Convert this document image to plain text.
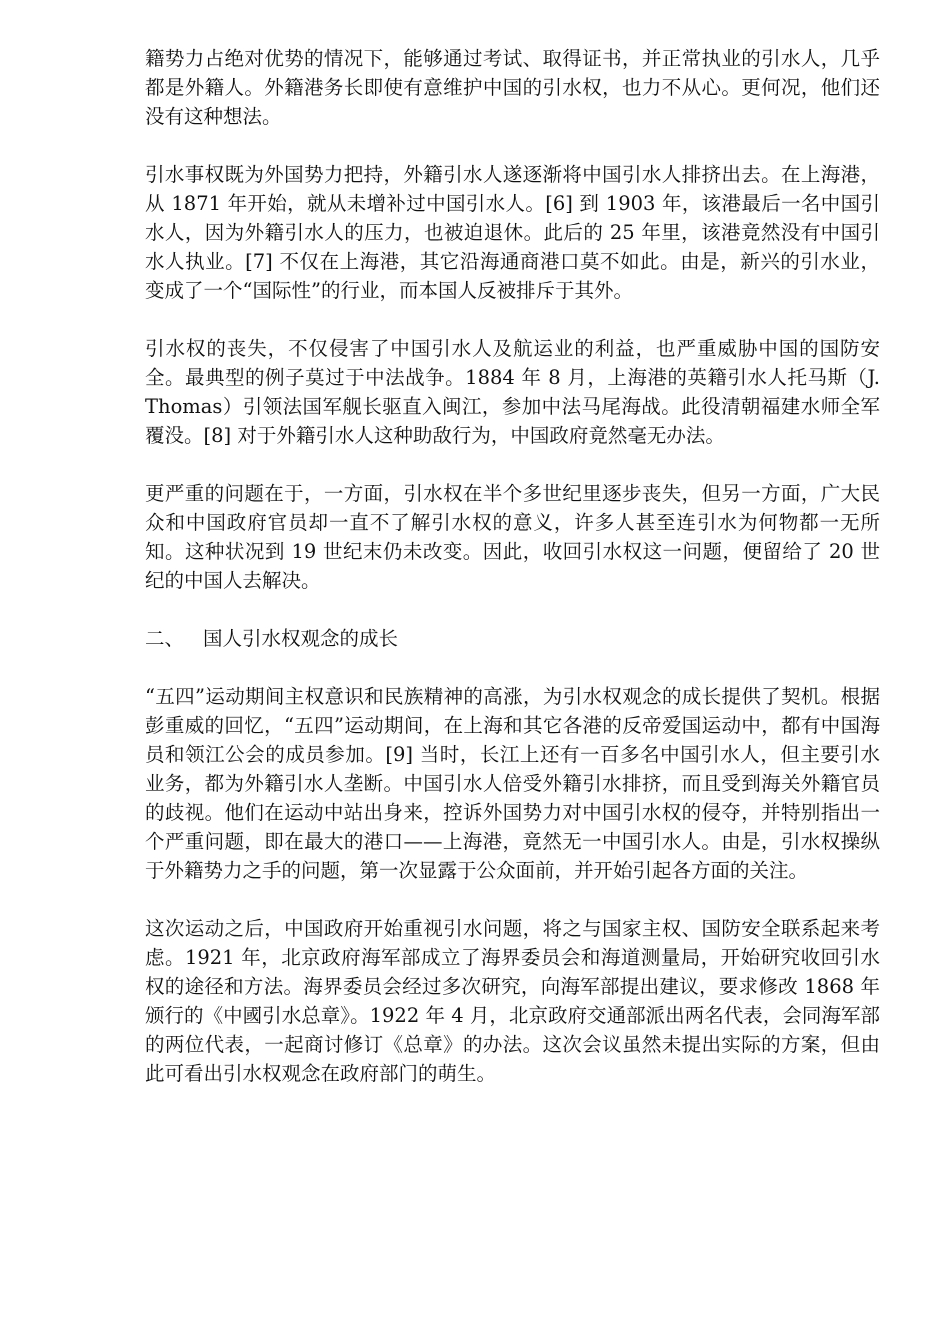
籍势力占绝对优势的情况下，能够通过考试、取得证书，并正常执业的引水人，几乎都是外籍人。外籍港务长即使有意维护中国的引水权，也力不从心。更何况，他们还没有这种想法。

引水事权既为外国势力把持，外籍引水人遂逐渐将中国引水人排挤出去。在上海港，从 1871 年开始，就从未增补过中国引水人。[6] 到 1903 年，该港最后一名中国引水人，因为外籍引水人的压力，也被迫退休。此后的 25 年里，该港竟然没有中国引水人执业。[7] 不仅在上海港，其它沿海通商港口莫不如此。由是，新兴的引水业，变成了一个“国际性”的行业，而本国人反被排斥于其外。

引水权的丧失，不仅侵害了中国引水人及航运业的利益，也严重威胁中国的国防安全。最典型的例子莫过于中法战争。1884 年 8 月，上海港的英籍引水人托马斯（J. Thomas）引领法国军舰长驱直入闽江，参加中法马尾海战。此役清朝福建水师全军覆没。[8] 对于外籍引水人这种助敌行为，中国政府竟然毫无办法。

更严重的问题在于，一方面，引水权在半个多世纪里逐步丧失，但另一方面，广大民众和中国政府官员却一直不了解引水权的意义，许多人甚至连引水为何物都一无所知。这种状况到 19 世纪末仍未改变。因此，收回引水权这一问题，便留给了 20 世纪的中国人去解决。

二、 国人引水权观念的成长

“五四”运动期间主权意识和民族精神的高涨，为引水权观念的成长提供了契机。根据彭重威的回忆，“五四”运动期间，在上海和其它各港的反帝爱国运动中，都有中国海员和领江公会的成员参加。[9] 当时，长江上还有一百多名中国引水人，但主要引水业务，都为外籍引水人垄断。中国引水人倍受外籍引水排挤，而且受到海关外籍官员的歧视。他们在运动中站出身来，控诉外国势力对中国引水权的侵夺，并特别指出一个严重问题，即在最大的港口——上海港，竟然无一中国引水人。由是，引水权操纵于外籍势力之手的问题，第一次显露于公众面前，并开始引起各方面的关注。

这次运动之后，中国政府开始重视引水问题，将之与国家主权、国防安全联系起来考虑。1921 年，北京政府海军部成立了海界委员会和海道测量局，开始研究收回引水权的途径和方法。海界委员会经过多次研究，向海军部提出建议，要求修改 1868 年颁行的《中國引水总章》。1922 年 4 月，北京政府交通部派出两名代表，会同海军部的两位代表，一起商讨修订《总章》的办法。这次会议虽然未提出实际的方案，但由此可看出引水权观念在政府部门的萌生。
